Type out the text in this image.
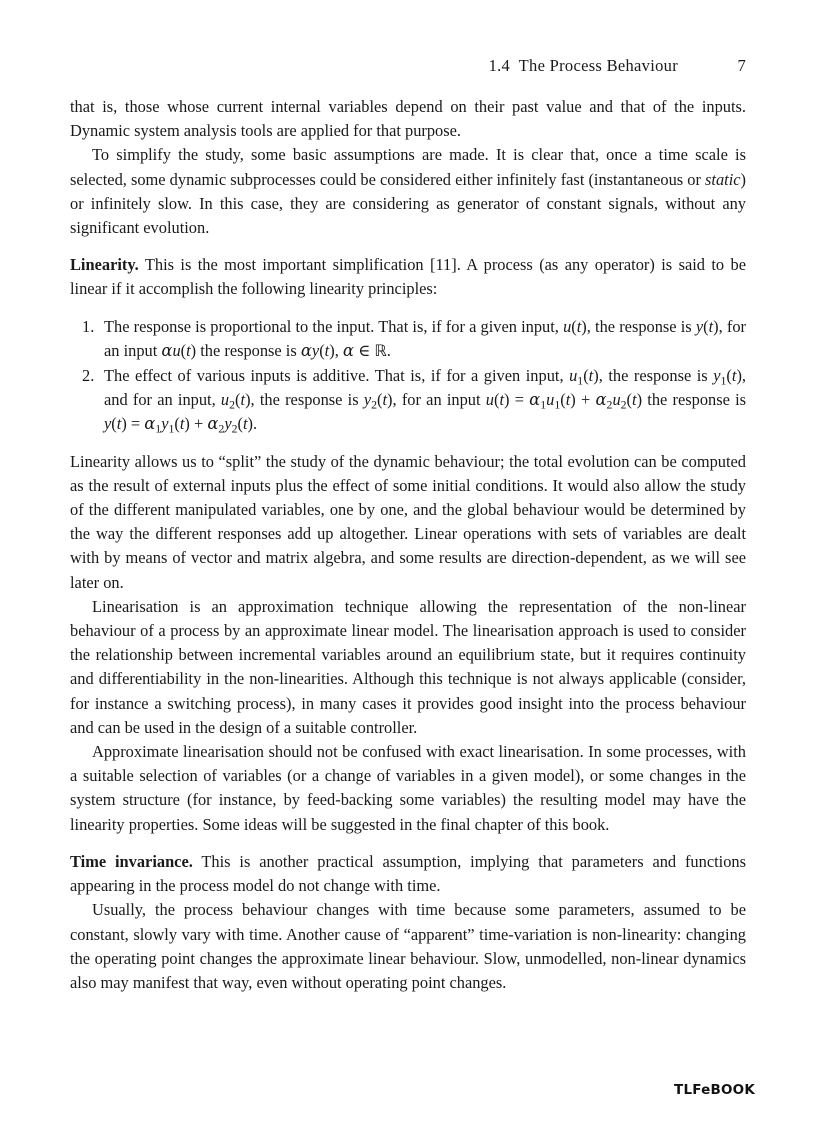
1.4  The Process Behaviour	7

that is, those whose current internal variables depend on their past value and that of the inputs. Dynamic system analysis tools are applied for that purpose.

To simplify the study, some basic assumptions are made. It is clear that, once a time scale is selected, some dynamic subprocesses could be considered either infinitely fast (instantaneous or static) or infinitely slow. In this case, they are considering as generator of constant signals, without any significant evolution.

Linearity. This is the most important simplification [11]. A process (as any operator) is said to be linear if it accomplish the following linearity principles:

1. The response is proportional to the input. That is, if for a given input, u(t), the response is y(t), for an input αu(t) the response is αy(t), α ∈ ℝ.
2. The effect of various inputs is additive. That is, if for a given input, $u_1(t)$, the response is $y_1(t)$, and for an input, $u_2(t)$, the response is $y_2(t)$, for an input $u(t) = \alpha_1u_1(t) + \alpha_2u_2(t)$ the response is $y(t) = \alpha_1y_1(t) + \alpha_2y_2(t)$.

Linearity allows us to “split” the study of the dynamic behaviour; the total evolution can be computed as the result of external inputs plus the effect of some initial conditions. It would also allow the study of the different manipulated variables, one by one, and the global behaviour would be determined by the way the different responses add up altogether. Linear operations with sets of variables are dealt with by means of vector and matrix algebra, and some results are direction-dependent, as we will see later on.

Linearisation is an approximation technique allowing the representation of the non-linear behaviour of a process by an approximate linear model. The linearisation approach is used to consider the relationship between incremental variables around an equilibrium state, but it requires continuity and differentiability in the non-linearities. Although this technique is not always applicable (consider, for instance a switching process), in many cases it provides good insight into the process behaviour and can be used in the design of a suitable controller.

Approximate linearisation should not be confused with exact linearisation. In some processes, with a suitable selection of variables (or a change of variables in a given model), or some changes in the system structure (for instance, by feed-backing some variables) the resulting model may have the linearity properties. Some ideas will be suggested in the final chapter of this book.

Time invariance. This is another practical assumption, implying that parameters and functions appearing in the process model do not change with time.

Usually, the process behaviour changes with time because some parameters, assumed to be constant, slowly vary with time. Another cause of “apparent” time-variation is non-linearity: changing the operating point changes the approximate linear behaviour. Slow, unmodelled, non-linear dynamics also may manifest that way, even without operating point changes.

TLFeBOOK
